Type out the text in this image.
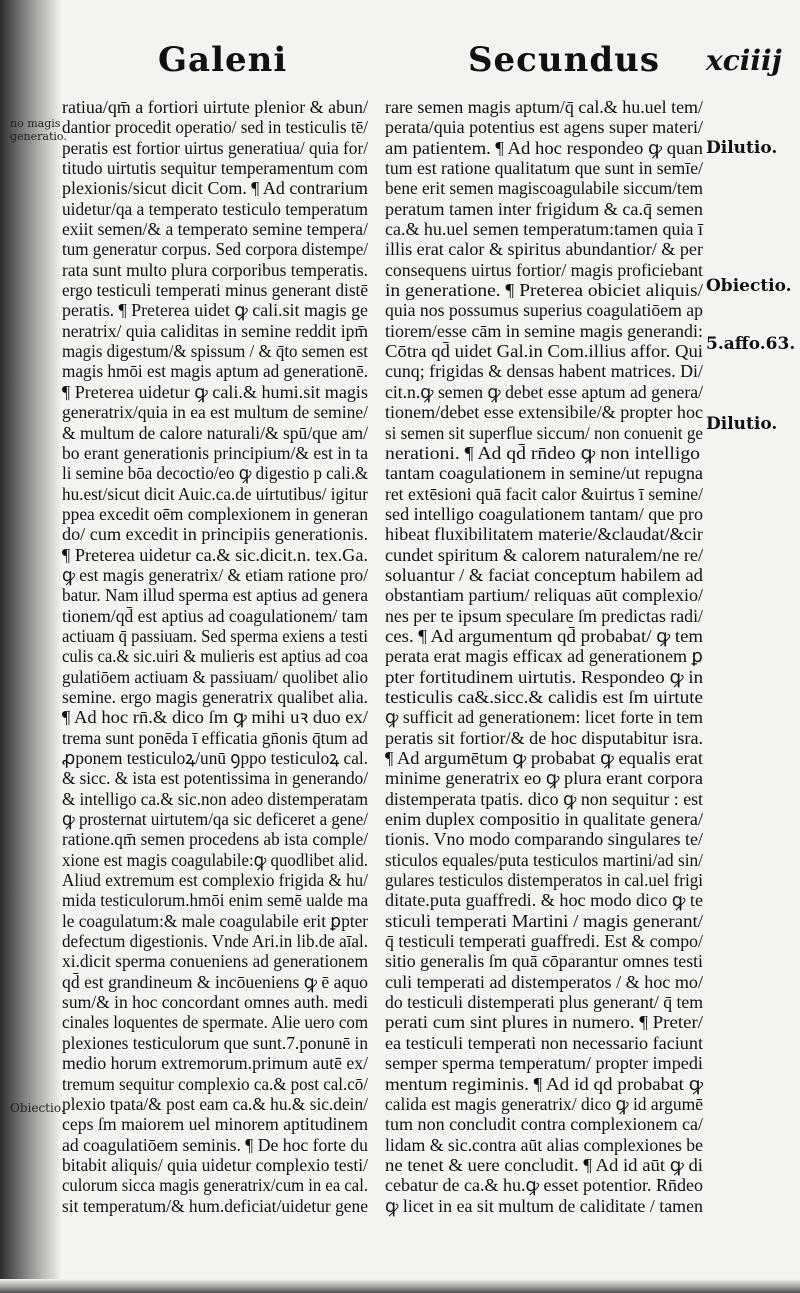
Galeni	Secundus xciiij
no magis
generatio.
Obiectio.
ratiua/qm̄ a fortiori uirtute plenior & abun/
dantior procedit operatio/ sed in testiculis tē/
peratis est fortior uirtus generatiua/ quia for/
titudo uirtutis sequitur temperamentum com
plexionis/sicut dicit Com. ¶ Ad contrarium
uidetur/qa a temperato testiculo temperatum
exiit semen/& a temperato semine tempera/
tum generatur corpus. Sed corpora distempe/
rata sunt multo plura corporibus temperatis.
ergo testiculi temperati minus generant distē
peratis. ¶ Preterea uidet ꝙ cali.sit magis ge
neratrix/ quia caliditas in semine reddit ipm̄
magis digestum/& spissum / & q̄to semen est
magis hmōi est magis aptum ad generationē.
¶ Preterea uidetur ꝙ cali.& humi.sit magis
generatrix/quia in ea est multum de semine/
& multum de calore naturali/& spū/que am/
bo erant generationis principium/& est in ta
li semine bōa decoctio/eo ꝙ digestio p cali.&
hu.est/sicut dicit Auic.ca.de uirtutibus/ igitur
ppea excedit oēm complexionem in generan
do/ cum excedit in principiis generationis.
¶ Preterea uidetur ca.& sic.dicit.n. tex.Ga.
ꝙ est magis generatrix/ & etiam ratione pro/
batur. Nam illud sperma est aptius ad genera
tionem/qd̄ est aptius ad coagulationem/ tam
actiuam q̄ passiuam. Sed sperma exiens a testi
culis ca.& sic.uiri & mulieris est aptius ad coa
gulatiōem actiuam & passiuam/ quolibet alio
semine. ergo magis generatrix qualibet alia.
¶ Ad hoc rn̄.& dico ſm ꝙ mihi uꝛ duo ex/
trema sunt ponēda ī efficatia gn̄onis q̄tum ad
ꝓponem testiculoꝝ/unū ꝯppo testiculoꝝ cal.
& sicc. & ista est potentissima in generando/
& intelligo ca.& sic.non adeo distemperatam
ꝙ prosternat uirtutem/qa sic deficeret a gene/
ratione.qm̄ semen procedens ab ista comple/
xione est magis coagulabile:ꝙ quodlibet alid.
Aliud extremum est complexio frigida & hu/
mida testiculorum.hmōi enim semē ualde ma
le coagulatum:& male coagulabile erit ꝑpter
defectum digestionis. Vnde Ari.in lib.de aīal.
xi.dicit sperma conueniens ad generationem
qd̄ est grandineum & incōueniens ꝙ ē aquo
sum/& in hoc concordant omnes auth. medi
cinales loquentes de spermate. Alie uero com
plexiones testiculorum que sunt.7.ponunē in
medio horum extremorum.primum autē ex/
tremum sequitur complexio ca.& post cal.cō/
plexio tpata/& post eam ca.& hu.& sic.dein/
ceps ſm maiorem uel minorem aptitudinem
ad coagulatiōem seminis. ¶ De hoc forte du
bitabit aliquis/ quia uidetur complexio testi/
culorum sicca magis generatrix/cum in ea cal.
sit temperatum/& hum.deficiat/uidetur gene
rare semen magis aptum/q̄ cal.& hu.uel tem/
perata/quia potentius est agens super materi/
am patientem. ¶ Ad hoc respondeo ꝙ quan
tum est ratione qualitatum que sunt in semīe/
bene erit semen magiscoagulabile siccum/tem
peratum tamen inter frigidum & ca.q̄ semen
ca.& hu.uel semen temperatum:tamen quia ī
illis erat calor & spiritus abundantior/ & per
consequens uirtus fortior/ magis proficiebant
in generatione. ¶ Preterea obiciet aliquis/
quia nos possumus superius coagulatiōem ap
tiorem/esse cām in semine magis generandi:
Cōtra qd̄ uidet Gal.in Com.illius affor. Qui
cunq; frigidas & densas habent matrices. Di/
cit.n.ꝙ semen ꝙ debet esse aptum ad genera/
tionem/debet esse extensibile/& propter hoc
si semen sit superflue siccum/ non conuenit ge
nerationi. ¶ Ad qd̄ rn̄deo ꝙ non intelligo
tantam coagulationem in semine/ut repugna
ret extēsioni quā facit calor &uirtus ī semine/
sed intelligo coagulationem tantam/ que pro
hibeat fluxibilitatem materie/&claudat/&cir
cundet spiritum & calorem naturalem/ne re/
soluantur / & faciat conceptum habilem ad
obstantiam partium/ reliquas aūt complexio/
nes per te ipsum speculare ſm predictas radi/
ces. ¶ Ad argumentum qd̄ probabat/ ꝙ tem
perata erat magis efficax ad generationem ꝑ
pter fortitudinem uirtutis. Respondeo ꝙ in
testiculis ca&.sicc.& calidis est ſm uirtute
ꝙ sufficit ad generationem: licet forte in tem
peratis sit fortior/& de hoc disputabitur isra.
¶ Ad argumētum ꝙ probabat ꝙ equalis erat
minime generatrix eo ꝙ plura erant corpora
distemperata tpatis. dico ꝙ non sequitur : est
enim duplex compositio in qualitate genera/
tionis. Vno modo comparando singulares te/
sticulos equales/puta testiculos martini/ad sin/
gulares testiculos distemperatos in cal.uel frigi
ditate.puta guaffredi. & hoc modo dico ꝙ te
sticuli temperati Martini / magis generant/
q̄ testiculi temperati guaffredi. Est & compo/
sitio generalis ſm quā cōparantur omnes testi
culi temperati ad distemperatos / & hoc mo/
do testiculi distemperati plus generant/ q̄ tem
perati cum sint plures in numero. ¶ Preter/
ea testiculi temperati non necessario faciunt
semper sperma temperatum/ propter impedi
mentum regiminis. ¶ Ad id qd probabat ꝙ
calida est magis generatrix/ dico ꝙ id argumē
tum non concludit contra complexionem ca/
lidam & sic.contra aūt alias complexiones be
ne tenet & uere concludit. ¶ Ad id aūt ꝙ di
cebatur de ca.& hu.ꝙ esset potentior. Rn̄deo
ꝙ licet in ea sit multum de caliditate / tamen
Dilutio.
Obiectio.
5.affo.63.
Dilutio.
